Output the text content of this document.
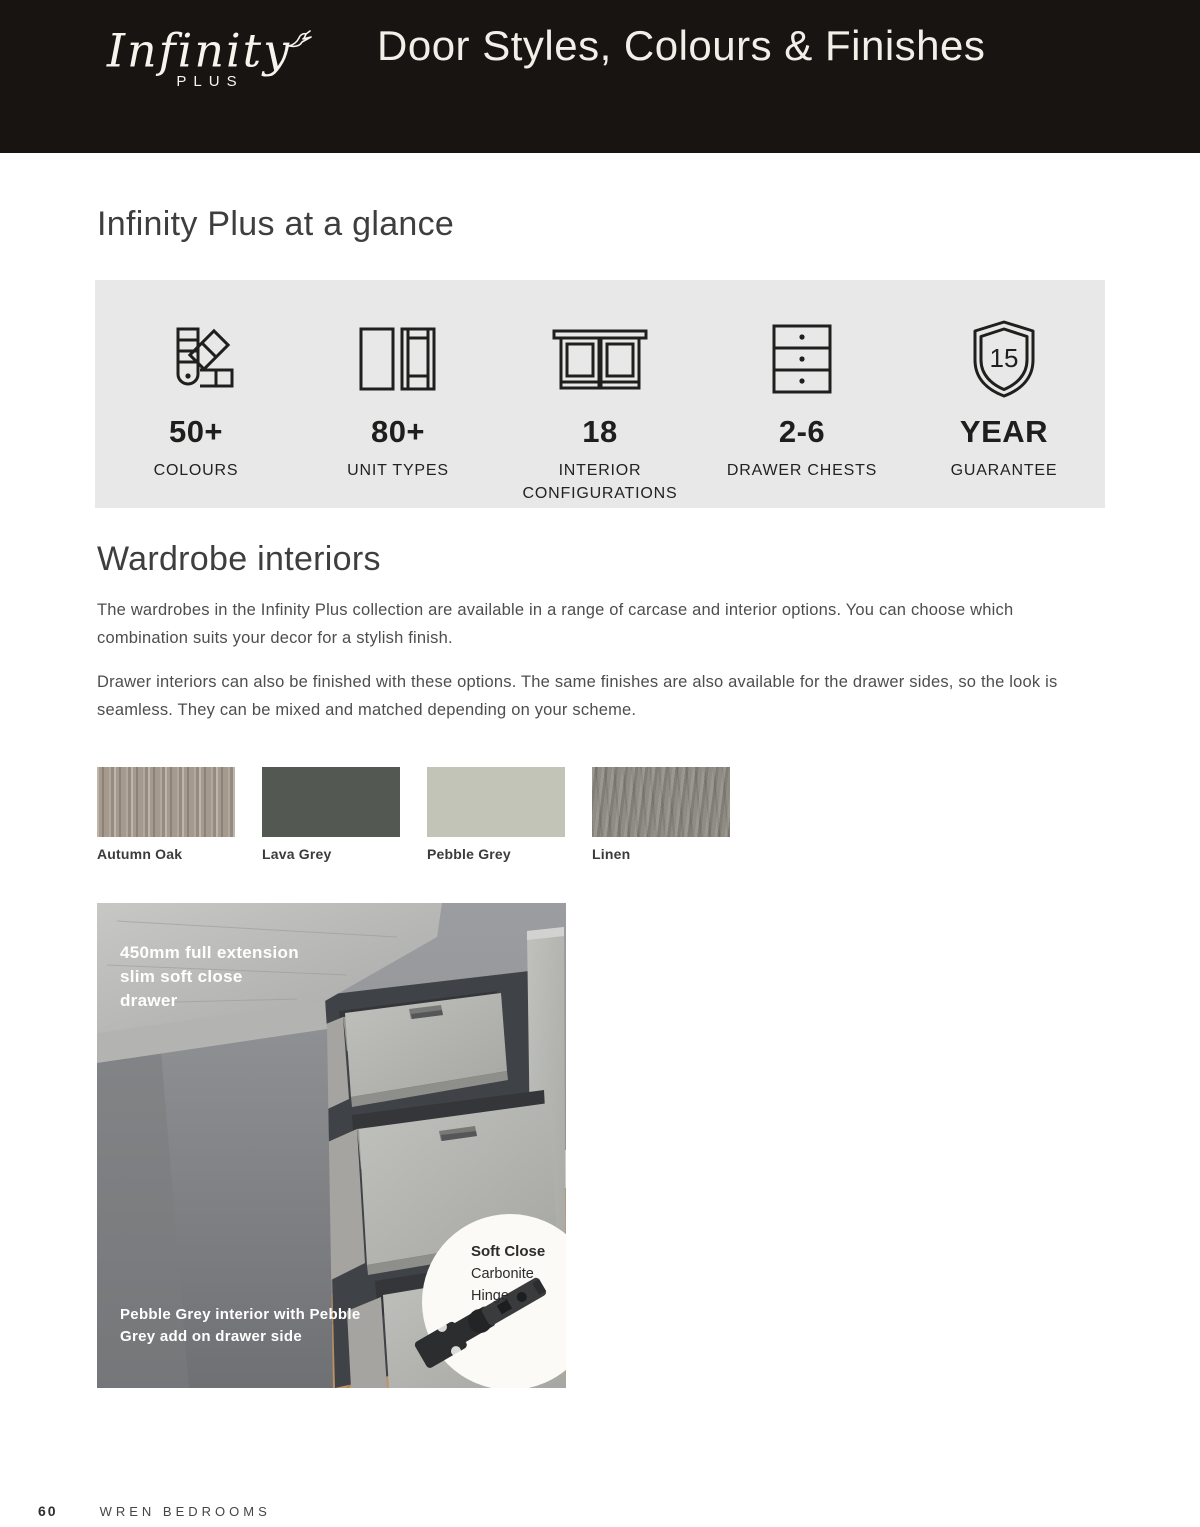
Infinity
PLUS
Door Styles, Colours & Finishes
Infinity Plus at a glance
50+
COLOURS
80+
UNIT TYPES
18
INTERIOR CONFIGURATIONS
2-6
DRAWER CHESTS
15
YEAR
GUARANTEE
Wardrobe interiors

The wardrobes in the Infinity Plus collection are available in a range of carcase and interior options. You can choose which combination suits your decor for a stylish finish.

Drawer interiors can also be finished with these options. The same finishes are also available for the drawer sides, so the look is seamless. They can be mixed and matched depending on your scheme.

Autumn Oak	Lava Grey	Pebble Grey	Linen
450mm full extension slim soft close drawer
Pebble Grey interior with Pebble Grey add on drawer side
Soft Close
Carbonite
Hinge
60	WREN BEDROOMS
